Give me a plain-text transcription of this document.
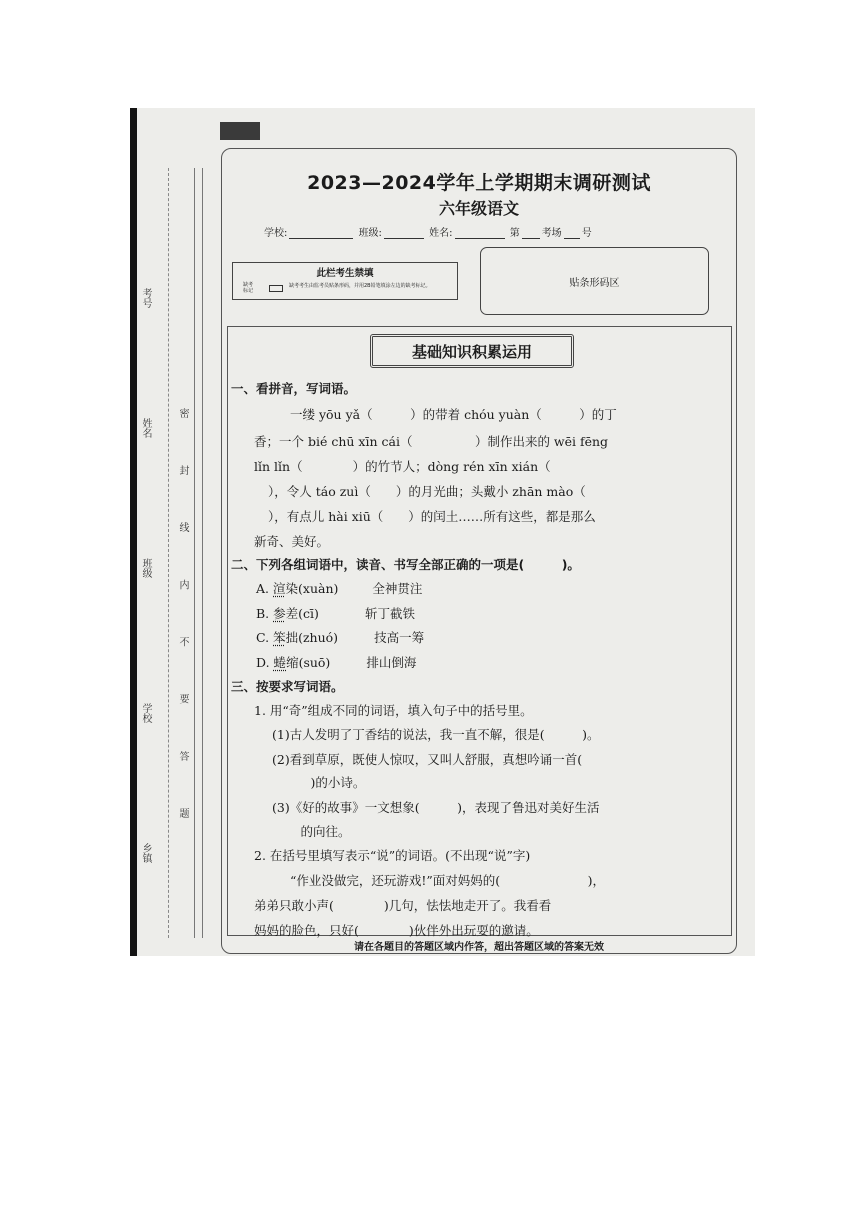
考号
姓名
班级
学校
乡镇
密 封 线 内 不 要 答 题
2023—2024学年上学期期末调研测试
六年级语文
学校:	班级:	姓名:	第 考场 号
此栏考生禁填
缺考标记
缺考考生由监考员贴条形码，并用2B铅笔填涂左边的缺考标记。	贴条形码区
基础知识积累运用
一、看拼音，写词语。
一缕 yōu yǎ（　　　）的带着 chóu yuàn（　　　）的丁
香；一个 bié chū xīn cái（　　　　　）制作出来的 wēi fēng
lǐn lǐn（　　　　）的竹节人；dòng rén xīn xián（
），令人 táo zuì（　　）的月光曲；头戴小 zhān mào（
），有点儿 hài xiū（　　）的闰土……所有这些，都是那么
新奇、美好。
二、下列各组词语中，读音、书写全部正确的一项是(　　　)。
A. 渲染(xuàn)	全神贯注
B. 参差(cī)	斩丁截铁
C. 笨拙(zhuó)	技高一筹
D. 蜷缩(suō)	排山倒海
三、按要求写词语。
1. 用“奇”组成不同的词语，填入句子中的括号里。
(1)古人发明了丁香结的说法，我一直不解，很是(　　　)。
(2)看到草原，既使人惊叹，又叫人舒服，真想吟诵一首(
　)的小诗。
(3)《好的故事》一文想象(　　　)，表现了鲁迅对美好生活
　的向往。
2. 在括号里填写表示“说”的词语。(不出现“说”字)
“作业没做完，还玩游戏!”面对妈妈的(　　　　　　　)，
弟弟只敢小声(　　　　)几句，怯怯地走开了。我看看
妈妈的脸色，只好(　　　　)伙伴外出玩耍的邀请。
请在各题目的答题区域内作答，超出答题区域的答案无效
